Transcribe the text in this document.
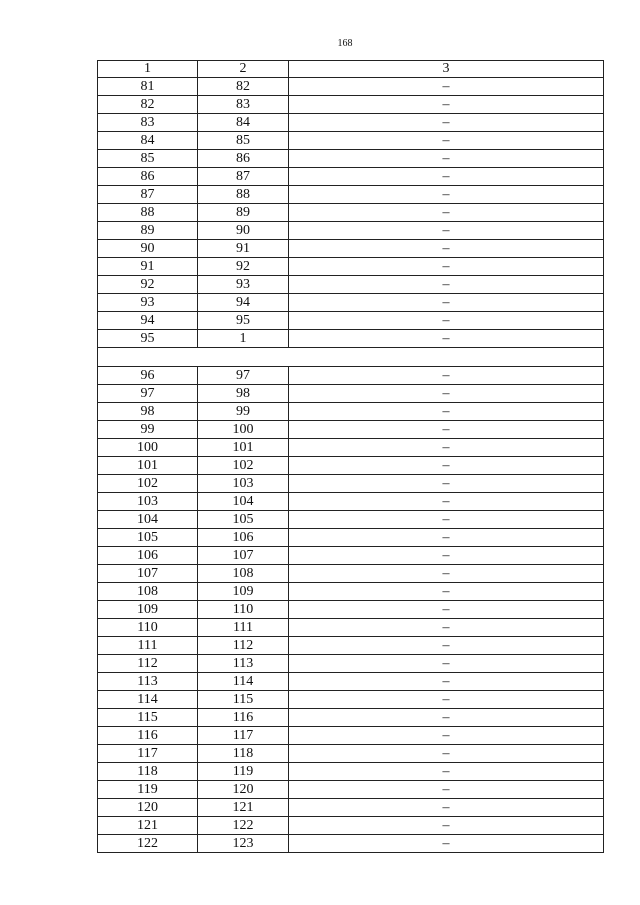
168
1	2	3
81	82	–
82	83	–
83	84	–
84	85	–
85	86	–
86	87	–
87	88	–
88	89	–
89	90	–
90	91	–
91	92	–
92	93	–
93	94	–
94	95	–
95	1	–

96	97	–
97	98	–
98	99	–
99	100	–
100	101	–
101	102	–
102	103	–
103	104	–
104	105	–
105	106	–
106	107	–
107	108	–
108	109	–
109	110	–
110	111	–
111	112	–
112	113	–
113	114	–
114	115	–
115	116	–
116	117	–
117	118	–
118	119	–
119	120	–
120	121	–
121	122	–
122	123	–
